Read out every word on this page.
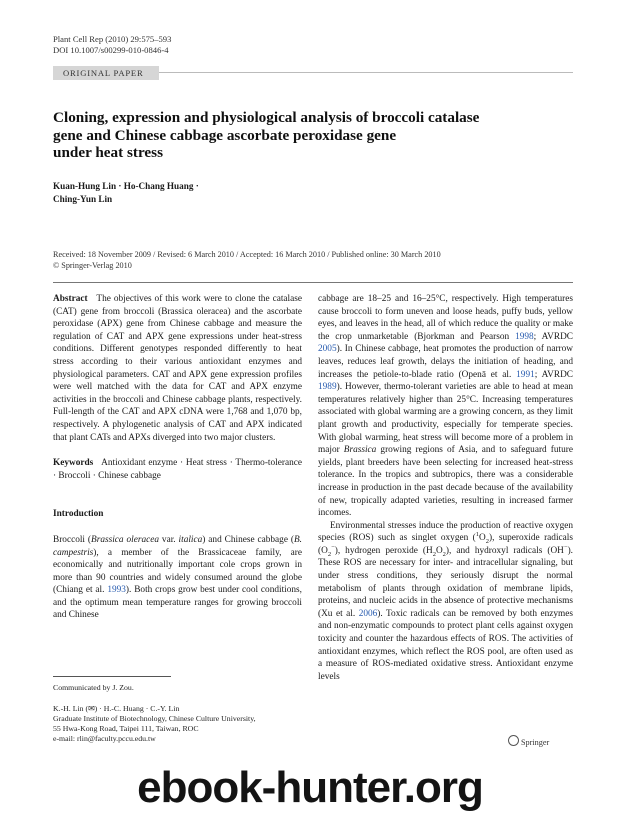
Plant Cell Rep (2010) 29:575–593
DOI 10.1007/s00299-010-0846-4
ORIGINAL PAPER
Cloning, expression and physiological analysis of broccoli catalase
gene and Chinese cabbage ascorbate peroxidase gene
under heat stress
Kuan-Hung Lin · Ho-Chang Huang ·
Ching-Yun Lin
Received: 18 November 2009 / Revised: 6 March 2010 / Accepted: 16 March 2010 / Published online: 30 March 2010
© Springer-Verlag 2010

Abstract The objectives of this work were to clone the catalase (CAT) gene from broccoli (Brassica oleracea) and the ascorbate peroxidase (APX) gene from Chinese cabbage and measure the regulation of CAT and APX gene expressions under heat-stress conditions. Different genotypes responded differently to heat stress according to their various antioxidant enzymes and physiological parameters. CAT and APX gene expression profiles were well matched with the data for CAT and APX enzyme activities in the broccoli and Chinese cabbage plants, respectively. Full-length of the CAT and APX cDNA were 1,768 and 1,070 bp, respectively. A phylogenetic analysis of CAT and APX indicated that plant CATs and APXs diverged into two major clusters.

Keywords Antioxidant enzyme · Heat stress · Thermo-tolerance · Broccoli · Chinese cabbage

Introduction

Broccoli (Brassica oleracea var. italica) and Chinese cabbage (B. campestris), a member of the Brassicaceae family, are economically and nutritionally important cole crops grown in more than 90 countries and widely consumed around the globe (Chiang et al. 1993). Both crops grow best under cool conditions, and the optimum mean temperature ranges for growing broccoli and Chinese

cabbage are 18–25 and 16–25°C, respectively. High temperatures cause broccoli to form uneven and loose heads, puffy buds, yellow eyes, and leaves in the head, all of which reduce the quality or make the crop unmarketable (Bjorkman and Pearson 1998; AVRDC 2005). In Chinese cabbage, heat promotes the production of narrow leaves, reduces leaf growth, delays the initiation of heading, and increases the petiole-to-blade ratio (Openā et al. 1991; AVRDC 1989). However, thermo-tolerant varieties are able to head at mean temperatures relatively higher than 25°C. Increasing temperatures associated with global warming are a growing concern, as they limit plant growth and productivity, especially for temperate species. With global warming, heat stress will become more of a problem in major Brassica growing regions of Asia, and to safeguard future yields, plant breeders have been selecting for increased heat-stress tolerance. In the tropics and subtropics, there was a considerable increase in production in the past decade because of the availability of new, tropically adapted varieties, resulting in increased farmer incomes.

Environmental stresses induce the production of reactive oxygen species (ROS) such as singlet oxygen $(^1O_2)$, superoxide radicals $(O_2^-)$, hydrogen peroxide $(H_2O_2)$, and hydroxyl radicals (OH−). These ROS are necessary for inter- and intracellular signaling, but under stress conditions, they seriously disrupt the normal metabolism of plants through oxidation of membrane lipids, proteins, and nucleic acids in the absence of protective mechanisms (Xu et al. 2006). Toxic radicals can be removed by both enzymes and non-enzymatic compounds to protect plant cells against oxygen toxicity and counter the hazardous effects of ROS. The activities of antioxidant enzymes, which reflect the ROS pool, are often used as a measure of ROS-mediated oxidative stress. Antioxidant enzyme levels

Communicated by J. Zou.
K.-H. Lin (✉) · H.-C. Huang · C.-Y. Lin
Graduate Institute of Biotechnology, Chinese Culture University,
55 Hwa-Kong Road, Taipei 111, Taiwan, ROC
e-mail: rlin@faculty.pccu.edu.tw	Springer
ebook-hunter.org
